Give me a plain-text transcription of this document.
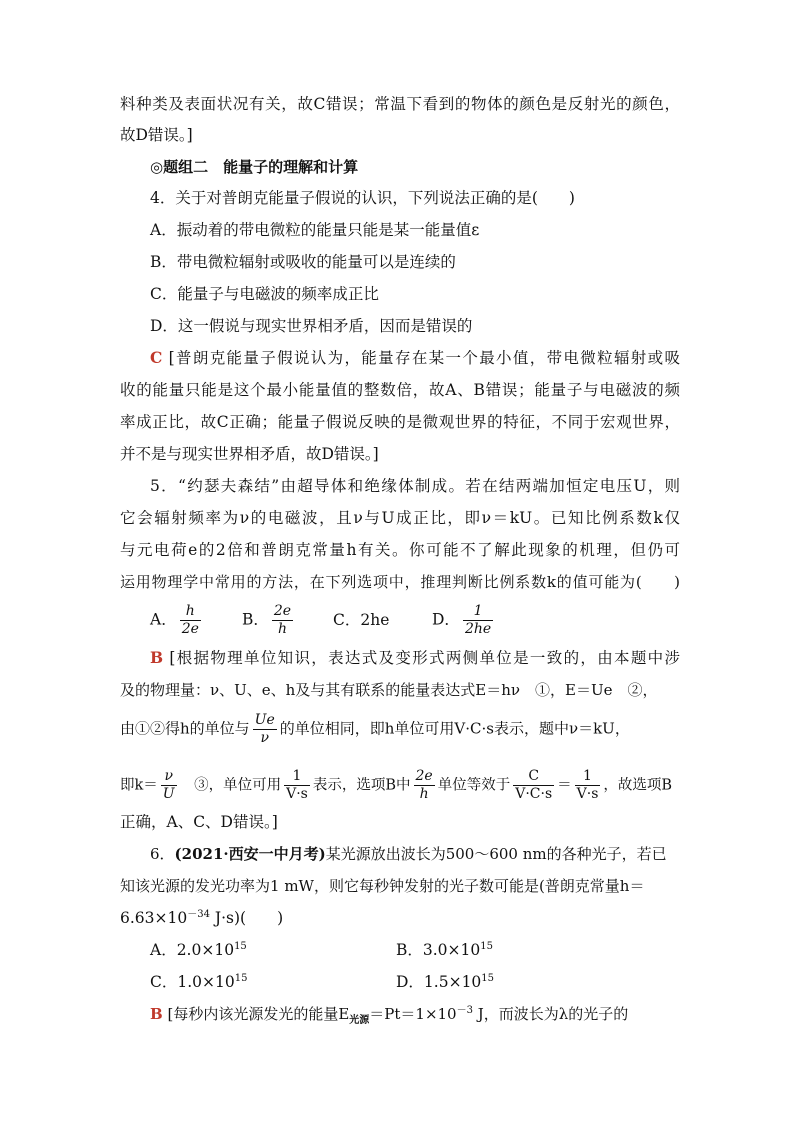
料种类及表面状况有关，故C错误；常温下看到的物体的颜色是反射光的颜色，
故D错误。]
◎题组二　能量子的理解和计算
4．关于对普朗克能量子假说的认识，下列说法正确的是(　　)
A．振动着的带电微粒的能量只能是某一能量值ε
B．带电微粒辐射或吸收的能量可以是连续的
C．能量子与电磁波的频率成正比
D．这一假说与现实世界相矛盾，因而是错误的
C [普朗克能量子假说认为，能量存在某一个最小值，带电微粒辐射或吸
收的能量只能是这个最小能量值的整数倍，故A、B错误；能量子与电磁波的频
率成正比，故C正确；能量子假说反映的是微观世界的特征，不同于宏观世界，
并不是与现实世界相矛盾，故D错误。]
5．“约瑟夫森结”由超导体和绝缘体制成。若在结两端加恒定电压U，则
它会辐射频率为ν的电磁波，且ν与U成正比，即ν＝kU。已知比例系数k仅
与元电荷e的2倍和普朗克常量h有关。你可能不了解此现象的机理，但仍可
运用物理学中常用的方法，在下列选项中，推理判断比例系数k的值可能为(　　)
A． $\frac{h}{2e}$	B． $\frac{2e}{h}$	C．2he	D． $\frac{1}{2he}$
B [根据物理单位知识，表达式及变形式两侧单位是一致的，由本题中涉
及的物理量：ν、U、e、h及与其有联系的能量表达式E＝hν　①，E＝Ue　②，
由①②得h的单位与 $\frac{Ue}{\nu}$ 的单位相同，即h单位可用V·C·s表示，题中ν＝kU，
即$k= \frac{\nu}{U}$ 　③，单位可用 $\frac{1}{V\cdot s}$ 表示，选项B中 $\frac{2e}{h}$ 单位等效于 $\frac{C}{V\cdot C\cdot s} = \frac{1}{V\cdot s}$ ，故选项B
正确，A、C、D错误。]
6．(2021·西安一中月考)某光源放出波长为500～600 nm的各种光子，若已
知该光源的发光功率为1 mW，则它每秒钟发射的光子数可能是(普朗克常量h＝
$6.63\times 10^{-34}$ J·s)(　　)
A．$2.0\times 10^{15}$	B．$3.0\times 10^{15}$
C．$1.0\times 10^{15}$	D．$1.5\times 10^{15}$
B [每秒内该光源发光的能量$E_{光源}=Pt=1\times 10^{-3}$ J，而波长为λ的光子的
